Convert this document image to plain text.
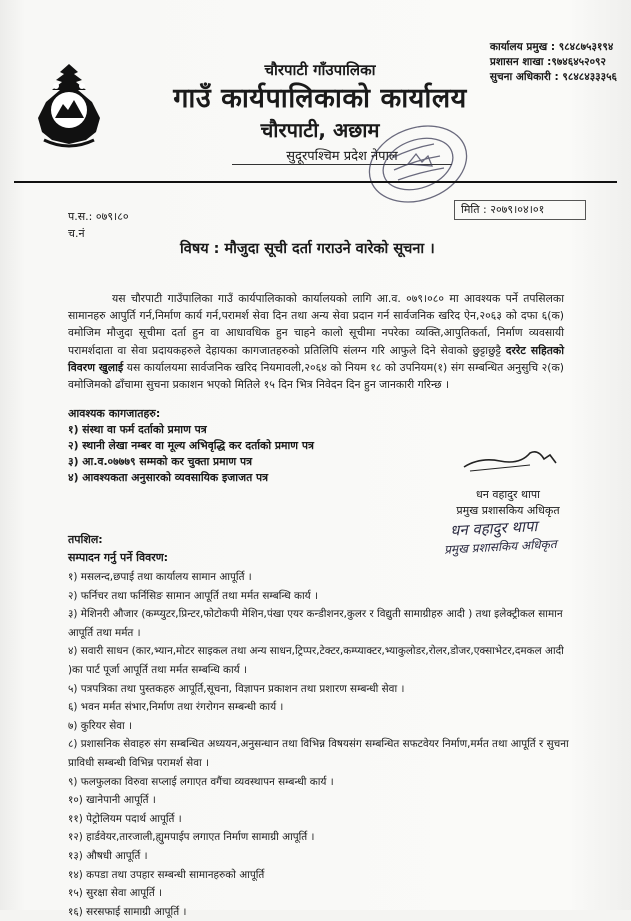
कार्यालय प्रमुख : ९८४८७५३१९४
प्रशासन शाखा :९७४६४५२०९२
सुचना अधिकारी : ९८४८४३३३५६
चौरपाटी गाँउपालिका
गाउँ कार्यपालिकाको कार्यालय
चौरपाटी, अछाम
सुदूरपश्चिम प्रदेश नेपाल
मिति : २०७९।०४।०१
प.स.: ०७९।८०
च.नं
विषय : मौजुदा सूची दर्ता गराउने वारेको सूचना ।
यस चौरपाटी गाउँपालिका गाउँ कार्यपालिकाको कार्यालयको लागि आ.व. ०७९।०८० मा आवश्यक पर्ने तपसिलका सामानहरु आपुर्ति गर्न,निर्माण कार्य गर्न,परामर्श सेवा दिन तथा अन्य सेवा प्रदान गर्न सार्वजनिक खरिद ऐन,२०६३ को दफा ६(क) वमोजिम मौजुदा सूचीमा दर्ता हुन वा आधावधिक हुन चाहने कालो सूचीमा नपरेका व्यक्ति,आपुतिकर्ता, निर्माण व्यवसायी परामर्शदाता वा सेवा प्रदायकहरुले देहायका कागजातहरुको प्रतिलिपि संलग्न गरि आफुले दिने सेवाको छुट्टाछुट्टै दररेट सहितको विवरण खुलाई यस कार्यालयमा सार्वजनिक खरिद नियमावली,२०६४ को नियम १८ को उपनियम(१) संग सम्बन्धित अनुसुचि २(क) वमोजिमको ढाँचामा सुचना प्रकाशन भएको मितिले १५ दिन भित्र निवेदन दिन हुन जानकारी गरिन्छ ।
आवश्यक कागजातहरु:
१) संस्था वा फर्म दर्ताको प्रमाण पत्र
२) स्थानी लेखा नम्बर वा मूल्य अभिवृद्धि कर दर्ताको प्रमाण पत्र
३) आ.व.०७७७९ सम्मको कर चुक्ता प्रमाण पत्र
४) आवश्यकता अनुसारको व्यवसायिक इजाजत पत्र
धन वहादुर थापा
प्रमुख प्रशासकिय अधिकृत
धन वहादुर थापा
प्रमुख प्रशासकिय अधिकृत
तपशिल:
सम्पादन गर्नु पर्ने विवरण:
१) मसलन्द,छपाई तथा कार्यालय सामान आपूर्ति ।
२) फर्निचर तथा फर्निसिङ सामान आपूर्ति तथा मर्मत सम्बन्धि कार्य ।
३) मेशिनरी औजार (कम्प्युटर,प्रिन्टर,फोटोकपी मेशिन,पंखा एयर कन्डीशनर,कुलर र विद्युती सामाग्रीहरु आदी ) तथा इलेक्ट्रीकल सामान आपूर्ति तथा मर्मत ।
४) सवारी साधन (कार,भ्यान,मोटर साइकल तथा अन्य साधन,ट्रिप्पर,टेक्टर,कम्प्याक्टर,भ्याकुलोडर,रोलर,डोजर,एक्साभेटर,दमकल आदी )का पार्ट पूर्जा आपूर्ति तथा मर्मत सम्बन्धि कार्य ।
५) पत्रपत्रिका तथा पुस्तकहरु आपूर्ति,सूचना, विज्ञापन प्रकाशन तथा प्रशारण सम्बन्धी सेवा ।
६) भवन मर्मत संभार,निर्माण तथा रंगरोगन सम्बन्धी कार्य ।
७) कुरियर सेवा ।
८) प्रशासनिक सेवाहरु संग सम्बन्धित अध्ययन,अनुसन्धान तथा विभिन्न विषयसंग सम्बन्धित सफटवेयर निर्माण,मर्मत तथा आपूर्ति र सुचना प्राविधी सम्बन्धी विभिन्न परामर्श सेवा ।
९) फलफुलका विरुवा सप्लाई लगाएत वगैंचा व्यवस्थापन सम्बन्धी कार्य ।
१०) खानेपानी आपूर्ति ।
११) पेट्रोलियम पदार्थ आपूर्ति ।
१२) हार्डवेयर,तारजाली,ह्युमपाईप लगाएत निर्माण सामाग्री आपूर्ति ।
१३) औषधी आपूर्ति ।
१४) कपडा तथा उपहार सम्बन्धी सामानहरुको आपूर्ति
१५) सुरक्षा सेवा आपूर्ति ।
१६) सरसफाई सामाग्री आपूर्ति ।
